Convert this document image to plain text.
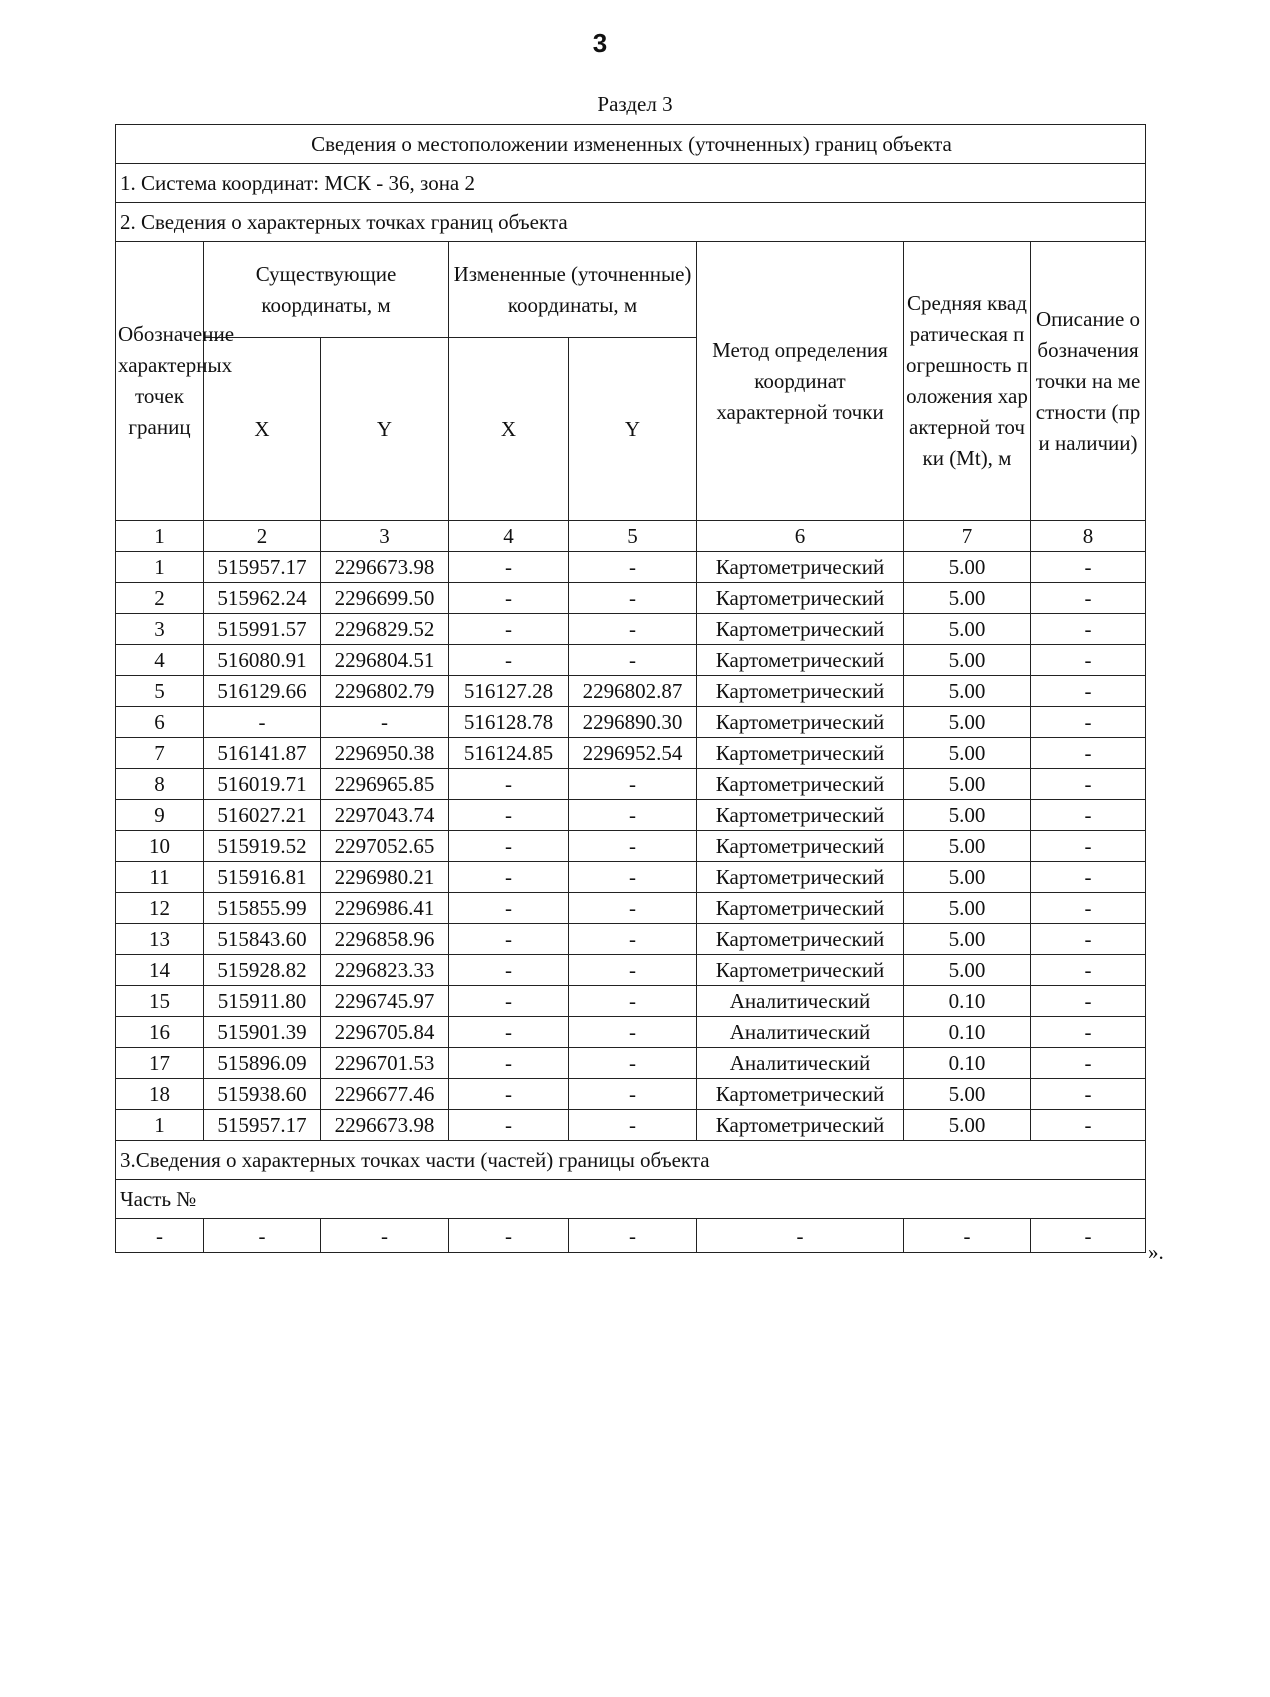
3
Раздел 3
Сведения о местоположении измененных (уточненных) границ объекта							
1. Система координат: МСК - 36, зона 2							
2. Сведения о характерных точках границ объекта							
Обозначение характерных точек границ	Существующие координаты, м		Измененные (уточненные) координаты, м		Метод определения координат характерной точки	Средняя квадратическая погрешность положения характерной точки (Mt), м	Описание обозначения точки на местности (при наличии)
	X	Y	X	Y			
1	2	3	4	5	6	7	8
1	515957.17	2296673.98	-	-	Картометрический	5.00	-
2	515962.24	2296699.50	-	-	Картометрический	5.00	-
3	515991.57	2296829.52	-	-	Картометрический	5.00	-
4	516080.91	2296804.51	-	-	Картометрический	5.00	-
5	516129.66	2296802.79	516127.28	2296802.87	Картометрический	5.00	-
6	-	-	516128.78	2296890.30	Картометрический	5.00	-
7	516141.87	2296950.38	516124.85	2296952.54	Картометрический	5.00	-
8	516019.71	2296965.85	-	-	Картометрический	5.00	-
9	516027.21	2297043.74	-	-	Картометрический	5.00	-
10	515919.52	2297052.65	-	-	Картометрический	5.00	-
11	515916.81	2296980.21	-	-	Картометрический	5.00	-
12	515855.99	2296986.41	-	-	Картометрический	5.00	-
13	515843.60	2296858.96	-	-	Картометрический	5.00	-
14	515928.82	2296823.33	-	-	Картометрический	5.00	-
15	515911.80	2296745.97	-	-	Аналитический	0.10	-
16	515901.39	2296705.84	-	-	Аналитический	0.10	-
17	515896.09	2296701.53	-	-	Аналитический	0.10	-
18	515938.60	2296677.46	-	-	Картометрический	5.00	-
1	515957.17	2296673.98	-	-	Картометрический	5.00	-
3.Сведения о характерных точках части (частей) границы объекта							
Часть №							
-	-	-	-	-	-	-	-
».
